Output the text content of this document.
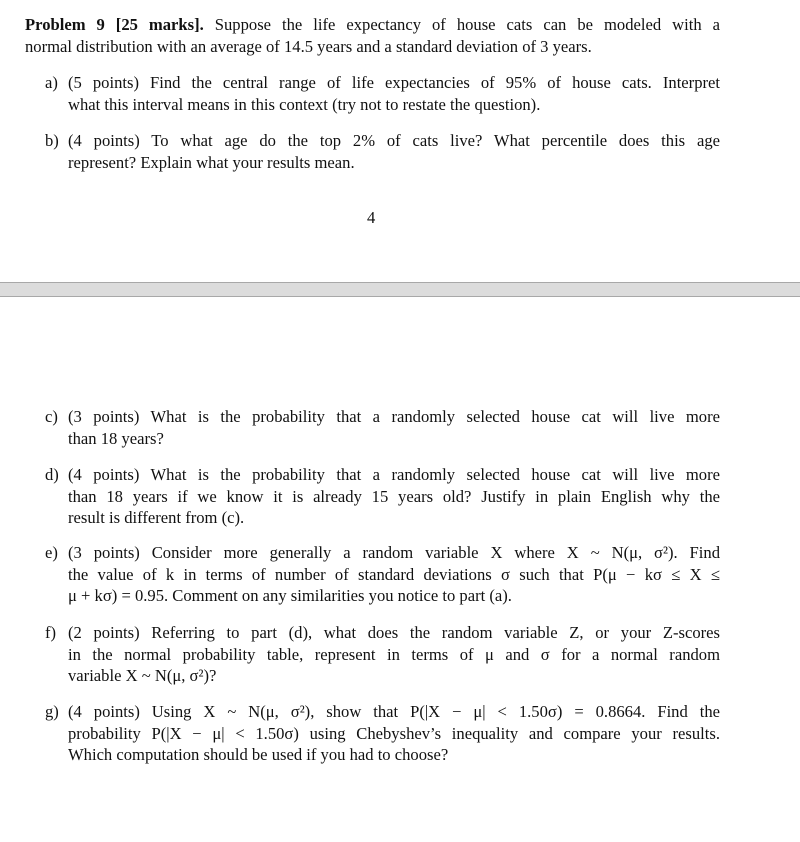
Problem 9 [25 marks]. Suppose the life expectancy of house cats can be modeled with a
normal distribution with an average of 14.5 years and a standard deviation of 3 years.
a) (5 points) Find the central range of life expectancies of 95% of house cats. Interpret
what this interval means in this context (try not to restate the question).
b) (4 points) To what age do the top 2% of cats live? What percentile does this age
represent? Explain what your results mean.
c) (3 points) What is the probability that a randomly selected house cat will live more
than 18 years?
d) (4 points) What is the probability that a randomly selected house cat will live more
than 18 years if we know it is already 15 years old? Justify in plain English why the
result is different from (c).
e) (3 points) Consider more generally a random variable X where X ~ N(μ, σ²). Find
the value of k in terms of number of standard deviations σ such that P(μ − kσ ≤ X ≤
μ + kσ) = 0.95. Comment on any similarities you notice to part (a).
f) (2 points) Referring to part (d), what does the random variable Z, or your Z-scores
in the normal probability table, represent in terms of μ and σ for a normal random
variable X ~ N(μ, σ²)?
g) (4 points) Using X ~ N(μ, σ²), show that P(|X − μ| < 1.50σ) = 0.8664. Find the
probability P(|X − μ| < 1.50σ) using Chebyshev’s inequality and compare your results.
Which computation should be used if you had to choose?
4
